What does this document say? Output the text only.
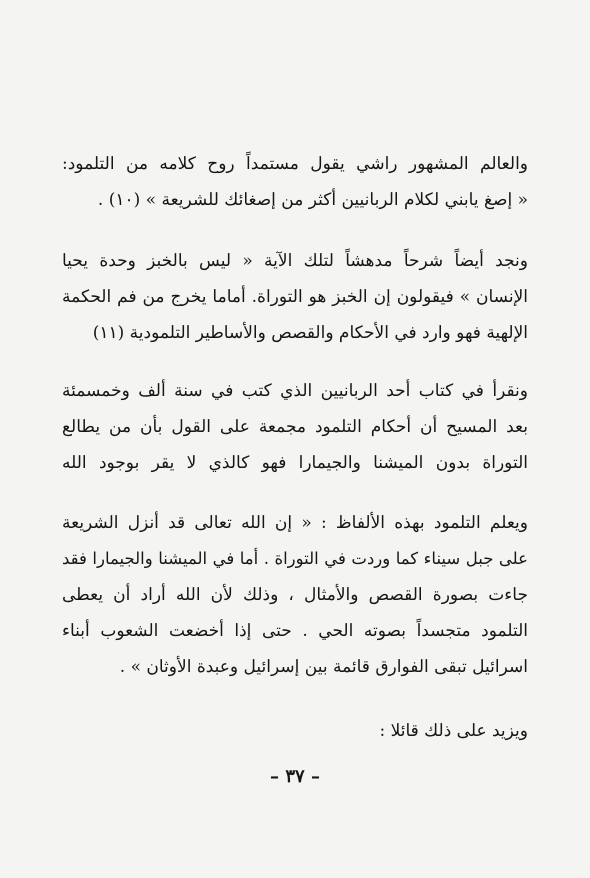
والعالم المشهور راشي يقول مستمداً روح كلامه من التلمود:
« إصغ يابني لكلام الربانيين أكثر من إصغائك للشريعة » (١٠) .
ونجد أيضاً شرحاً مدهشاً لتلك الآية « ليس بالخبز وحدة يحيا
الإنسان » فيقولون إن الخبز هو التوراة. أماما يخرج من فم الحكمة
الإلهية فهو وارد في الأحكام والقصص والأساطير التلمودية (١١)
ونقرأ في كتاب أحد الربانيين الذي كتب في سنة ألف وخمسمئة
بعد المسيح أن أحكام التلمود مجمعة على القول بأن من يطالع
التوراة بدون الميشنا والجيمارا فهو كالذي لا يقر بوجود الله
ويعلم التلمود بهذه الألفاظ : « إن الله تعالى قد أنزل الشريعة
على جبل سيناء كما وردت في التوراة . أما في الميشنا والجيمارا فقد
جاءت بصورة القصص والأمثال ، وذلك لأن الله أراد أن يعطى
التلمود متجسداً بصوته الحي . حتى إذا أخضعت الشعوب أبناء
اسرائيل تبقى الفوارق قائمة بين إسرائيل وعبدة الأوثان » .
ويزيد على ذلك قائلا :
– ٣٧ –
